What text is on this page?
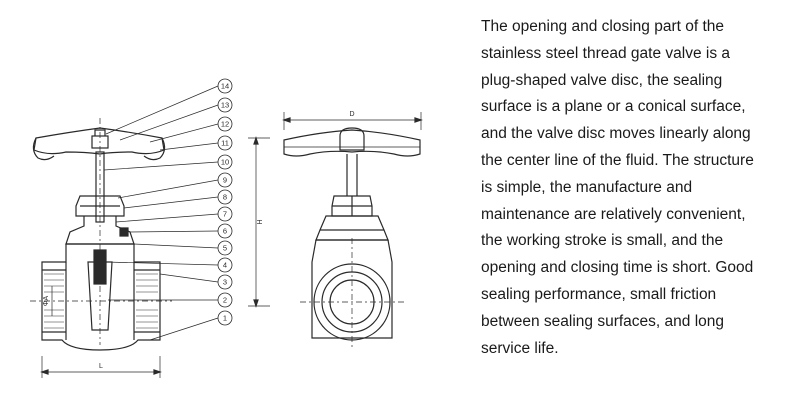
14
13
12
11
10
9
8
7
6
5
4
3
2
1
ΦA
L
H
D

The opening and closing part of the
stainless steel thread gate valve is a
plug-shaped valve disc, the sealing
surface is a plane or a conical surface,
and the valve disc moves linearly along
the center line of the fluid. The structure
is simple, the manufacture and
maintenance are relatively convenient,
the working stroke is small, and the
opening and closing time is short. Good
sealing performance, small friction
between sealing surfaces, and long
service life.
